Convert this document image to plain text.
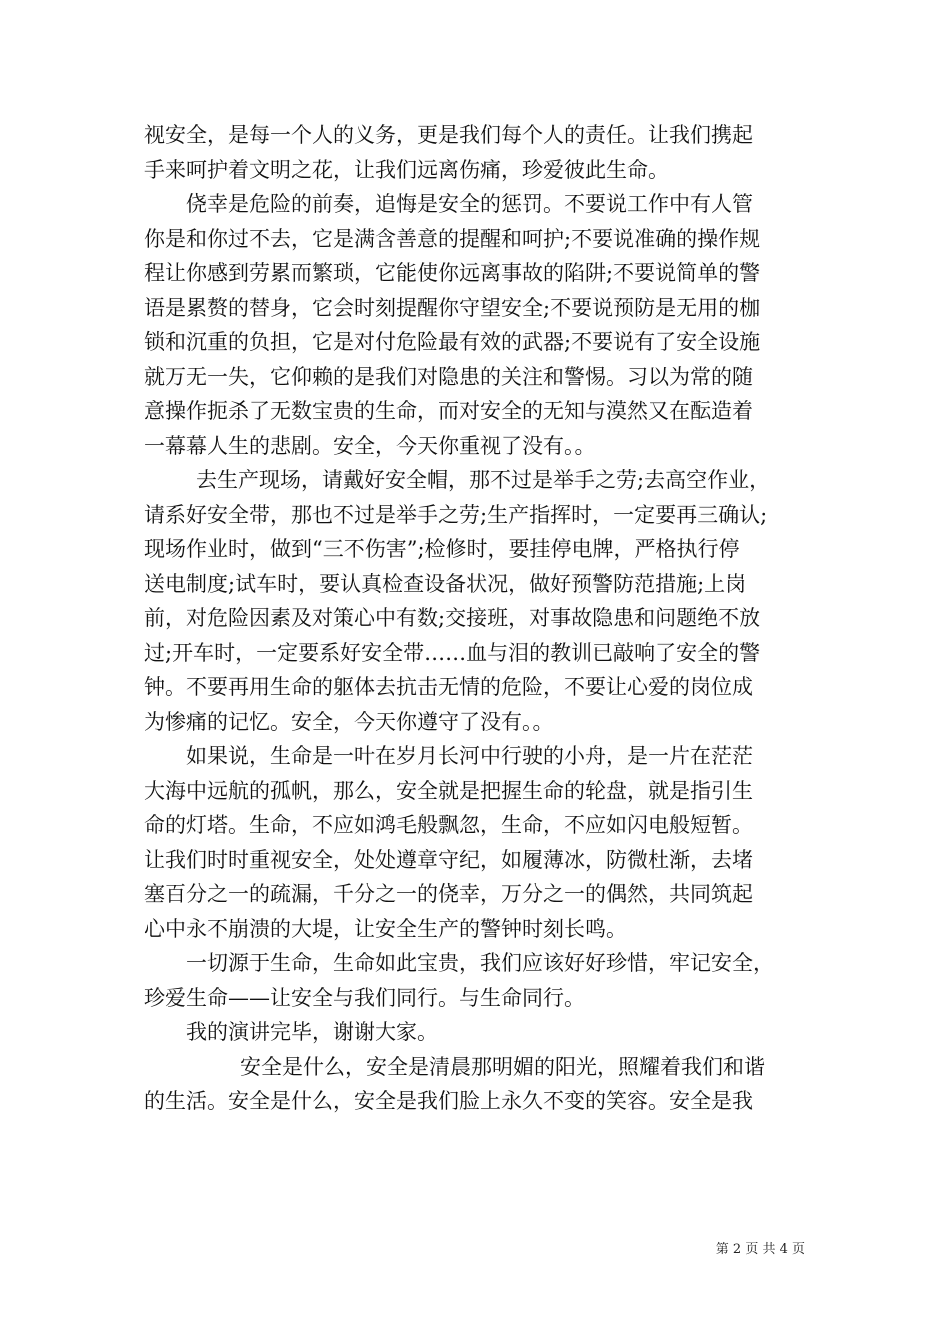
视安全，是每一个人的义务，更是我们每个人的责任。让我们携起
手来呵护着文明之花，让我们远离伤痛，珍爱彼此生命。
侥幸是危险的前奏，追悔是安全的惩罚。不要说工作中有人管
你是和你过不去，它是满含善意的提醒和呵护;不要说准确的操作规
程让你感到劳累而繁琐，它能使你远离事故的陷阱;不要说简单的警
语是累赘的替身，它会时刻提醒你守望安全;不要说预防是无用的枷
锁和沉重的负担，它是对付危险最有效的武器;不要说有了安全设施
就万无一失，它仰赖的是我们对隐患的关注和警惕。习以为常的随
意操作扼杀了无数宝贵的生命，而对安全的无知与漠然又在酝造着
一幕幕人生的悲剧。安全，今天你重视了没有。。
去生产现场，请戴好安全帽，那不过是举手之劳;去高空作业，
请系好安全带，那也不过是举手之劳;生产指挥时，一定要再三确认;
现场作业时，做到“三不伤害”;检修时，要挂停电牌，严格执行停
送电制度;试车时，要认真检查设备状况，做好预警防范措施;上岗
前，对危险因素及对策心中有数;交接班，对事故隐患和问题绝不放
过;开车时，一定要系好安全带……血与泪的教训已敲响了安全的警
钟。不要再用生命的躯体去抗击无情的危险，不要让心爱的岗位成
为惨痛的记忆。安全，今天你遵守了没有。。
如果说，生命是一叶在岁月长河中行驶的小舟，是一片在茫茫
大海中远航的孤帆，那么，安全就是把握生命的轮盘，就是指引生
命的灯塔。生命，不应如鸿毛般飘忽，生命，不应如闪电般短暂。
让我们时时重视安全，处处遵章守纪，如履薄冰，防微杜渐，去堵
塞百分之一的疏漏，千分之一的侥幸，万分之一的偶然，共同筑起
心中永不崩溃的大堤，让安全生产的警钟时刻长鸣。
一切源于生命，生命如此宝贵，我们应该好好珍惜，牢记安全，
珍爱生命——让安全与我们同行。与生命同行。
我的演讲完毕，谢谢大家。
安全是什么，安全是清晨那明媚的阳光，照耀着我们和谐
的生活。安全是什么，安全是我们脸上永久不变的笑容。安全是我
第 2 页 共 4 页
